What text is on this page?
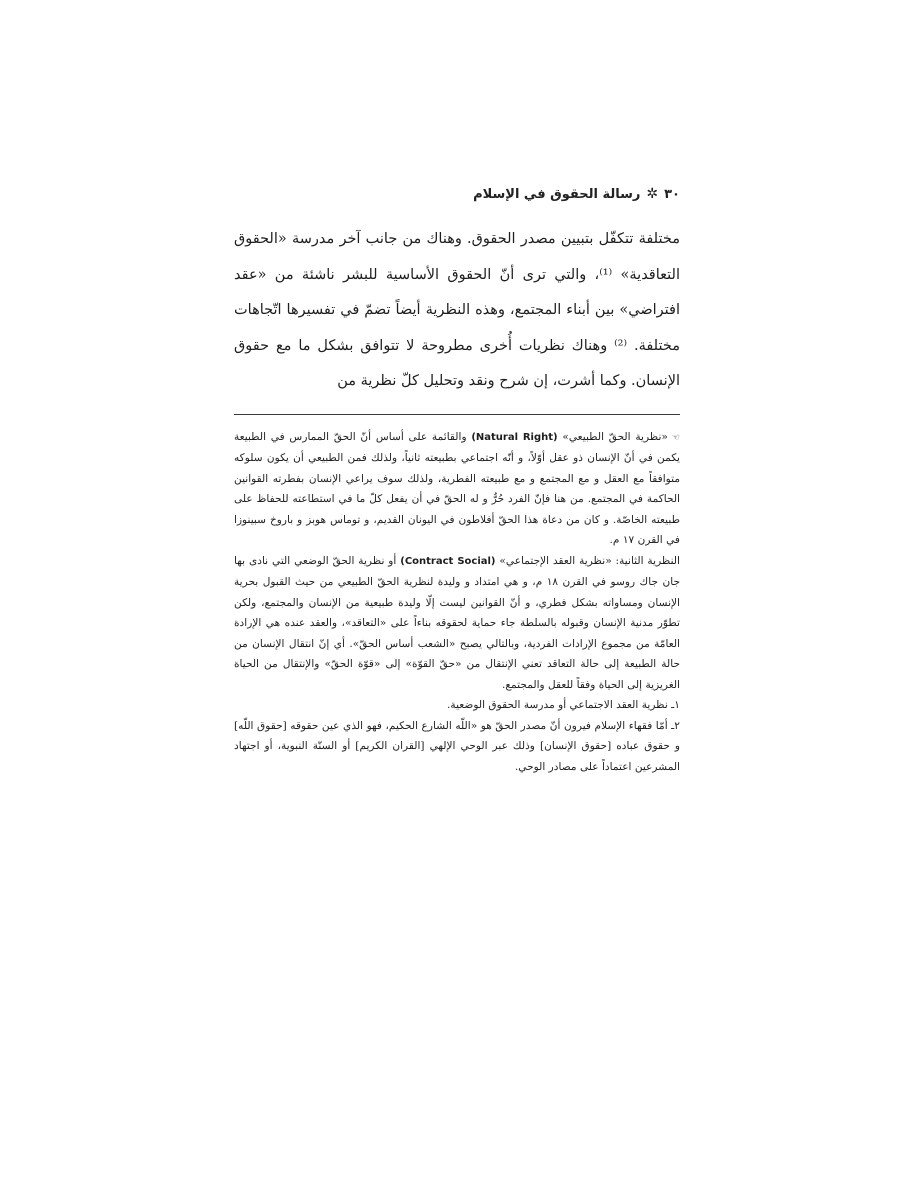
٣٠
✲
رسالة الحقوق في الإسلام

مختلفة تتكفّل بتبيين مصدر الحقوق. وهناك من جانب آخر مدرسة «الحقوق التعاقدية» ⁽¹⁾، والتي ترى أنّ الحقوق الأساسية للبشر ناشئة من «عقد افتراضي» بين أبناء المجتمع، وهذه النظرية أيضاً تضمّ في تفسيرها اتّجاهات مختلفة. ⁽²⁾ وهناك نظريات أُخرى مطروحة لا تتوافق بشكل ما مع حقوق الإنسان. وكما أشرت، إن شرح ونقد وتحليل كلّ نظرية من

☜«نظرية الحقّ الطبيعي» (Natural Right) والقائمة على أساس أنّ الحقّ الممارس في الطبيعة يكمن في أنّ الإنسان ذو عقل أوّلاً، و أنّه اجتماعي بطبيعته ثانياً، ولذلك فمن الطبيعي أن يكون سلوكه متوافقاً مع العقل و مع المجتمع و مع طبيعته الفطرية، ولذلك سوف يراعي الإنسان بفطرته القوانين الحاكمة في المجتمع. من هنا فإنّ الفرد حُرٌّ و له الحقّ في أن يفعل كلّ ما في استطاعته للحفاظ على طبيعته الخاصّة. و كان من دعاة هذا الحقّ أفلاطون في اليونان القديم، و توماس هوبز و باروخ سبينوزا في القرن ١٧ م.

النظرية الثانية: «نظرية العقد الإجتماعي» (Contract Social) أو نظرية الحقّ الوضعي التي نادى بها جان جاك روسو في القرن ١٨ م، و هي امتداد و وليدة لنظرية الحقّ الطبيعي من حيث القبول بحرية الإنسان ومساواته بشكل فطري، و أنّ القوانين ليست إلّا وليدة طبيعية من الإنسان والمجتمع، ولكن تطوّر مدنية الإنسان وقبوله بالسلطة جاء حماية لحقوقه بناءاً على «التعاقد»، والعقد عنده هي الإرادة العامّة من مجموع الإرادات الفردية، وبالتالي يصبح «الشعب أساس الحقّ». أي إنّ انتقال الإنسان من حالة الطبيعة إلى حالة التعاقد تعني الإنتقال من «حقّ القوّة» إلى «قوّة الحقّ» والإنتقال من الحياة الغريزية إلى الحياة وفقاً للعقل والمجتمع.

١ـ نظرية العقد الاجتماعي أو مدرسة الحقوق الوضعية.

٢ـ أمّا فقهاء الإسلام فيرون أنّ مصدر الحقّ هو «اللّه الشارع الحكيم، فهو الذي عين حقوقه [حقوق اللّه] و حقوق عباده [حقوق الإنسان] وذلك عبر الوحي الإلهي [القران الكريم] أو السنّة النبوية، أو اجتهاد المشرعين اعتماداً على مصادر الوحي.
